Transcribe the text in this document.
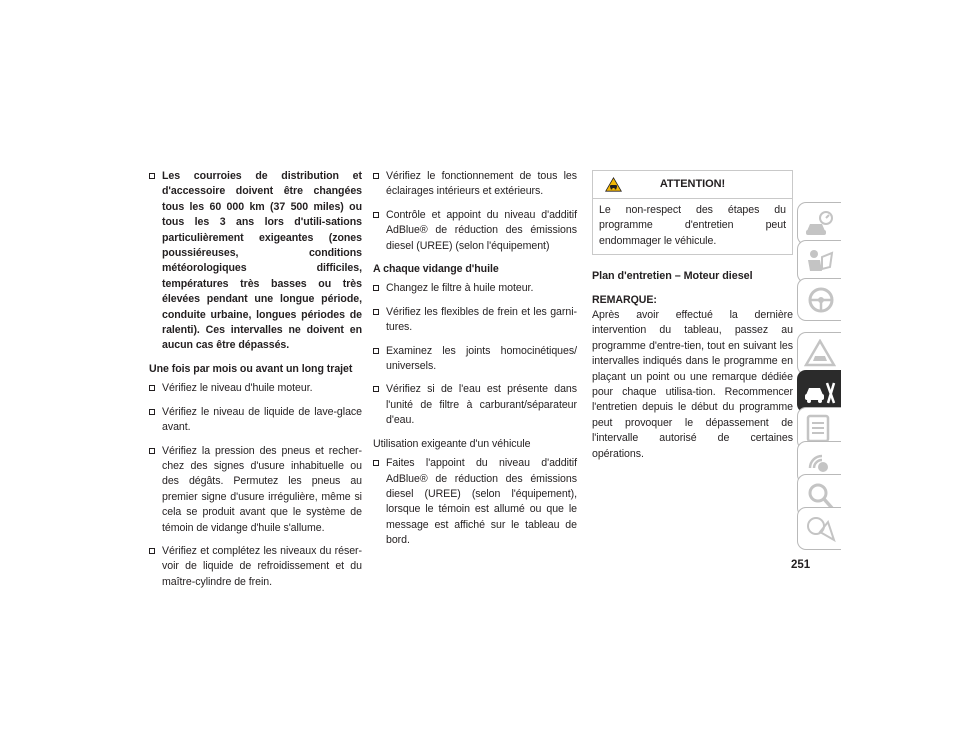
Les courroies de distribution et d'accessoire doivent être changées tous les 60 000 km (37 500 miles) ou tous les 3 ans lors d'utili-sations particulièrement exigeantes (zones poussiéreuses, conditions météorologiques difficiles, températures très basses ou très élevées pendant une longue période, conduite urbaine, longues périodes de ralenti). Ces intervalles ne doivent en aucun cas être dépassés.
Une fois par mois ou avant un long trajet
Vérifiez le niveau d'huile moteur.
Vérifiez le niveau de liquide de lave-glace avant.
Vérifiez la pression des pneus et recher-chez des signes d'usure inhabituelle ou des dégâts. Permutez les pneus au premier signe d'usure irrégulière, même si cela se produit avant que le système de témoin de vidange d'huile s'allume.
Vérifiez et complétez les niveaux du réser-voir de liquide de refroidissement et du maître-cylindre de frein.
Vérifiez le fonctionnement de tous les éclairages intérieurs et extérieurs.
Contrôle et appoint du niveau d'additif AdBlue® de réduction des émissions diesel (UREE) (selon l'équipement)
A chaque vidange d'huile
Changez le filtre à huile moteur.
Vérifiez les flexibles de frein et les garni-tures.
Examinez les joints homocinétiques/ universels.
Vérifiez si de l'eau est présente dans l'unité de filtre à carburant/séparateur d'eau.
Utilisation exigeante d'un véhicule
Faites l'appoint du niveau d'additif AdBlue® de réduction des émissions diesel (UREE) (selon l'équipement), lorsque le témoin est allumé ou que le message est affiché sur le tableau de bord.
ATTENTION!
Le non-respect des étapes du programme d'entretien peut endommager le véhicule.
Plan d'entretien – Moteur diesel
REMARQUE:
Après avoir effectué la dernière intervention du tableau, passez au programme d'entre-tien, tout en suivant les intervalles indiqués dans le programme en plaçant un point ou une remarque dédiée pour chaque utilisa-tion. Recommencer l'entretien depuis le début du programme peut provoquer le dépassement de l'intervalle autorisé de certaines opérations.
251
